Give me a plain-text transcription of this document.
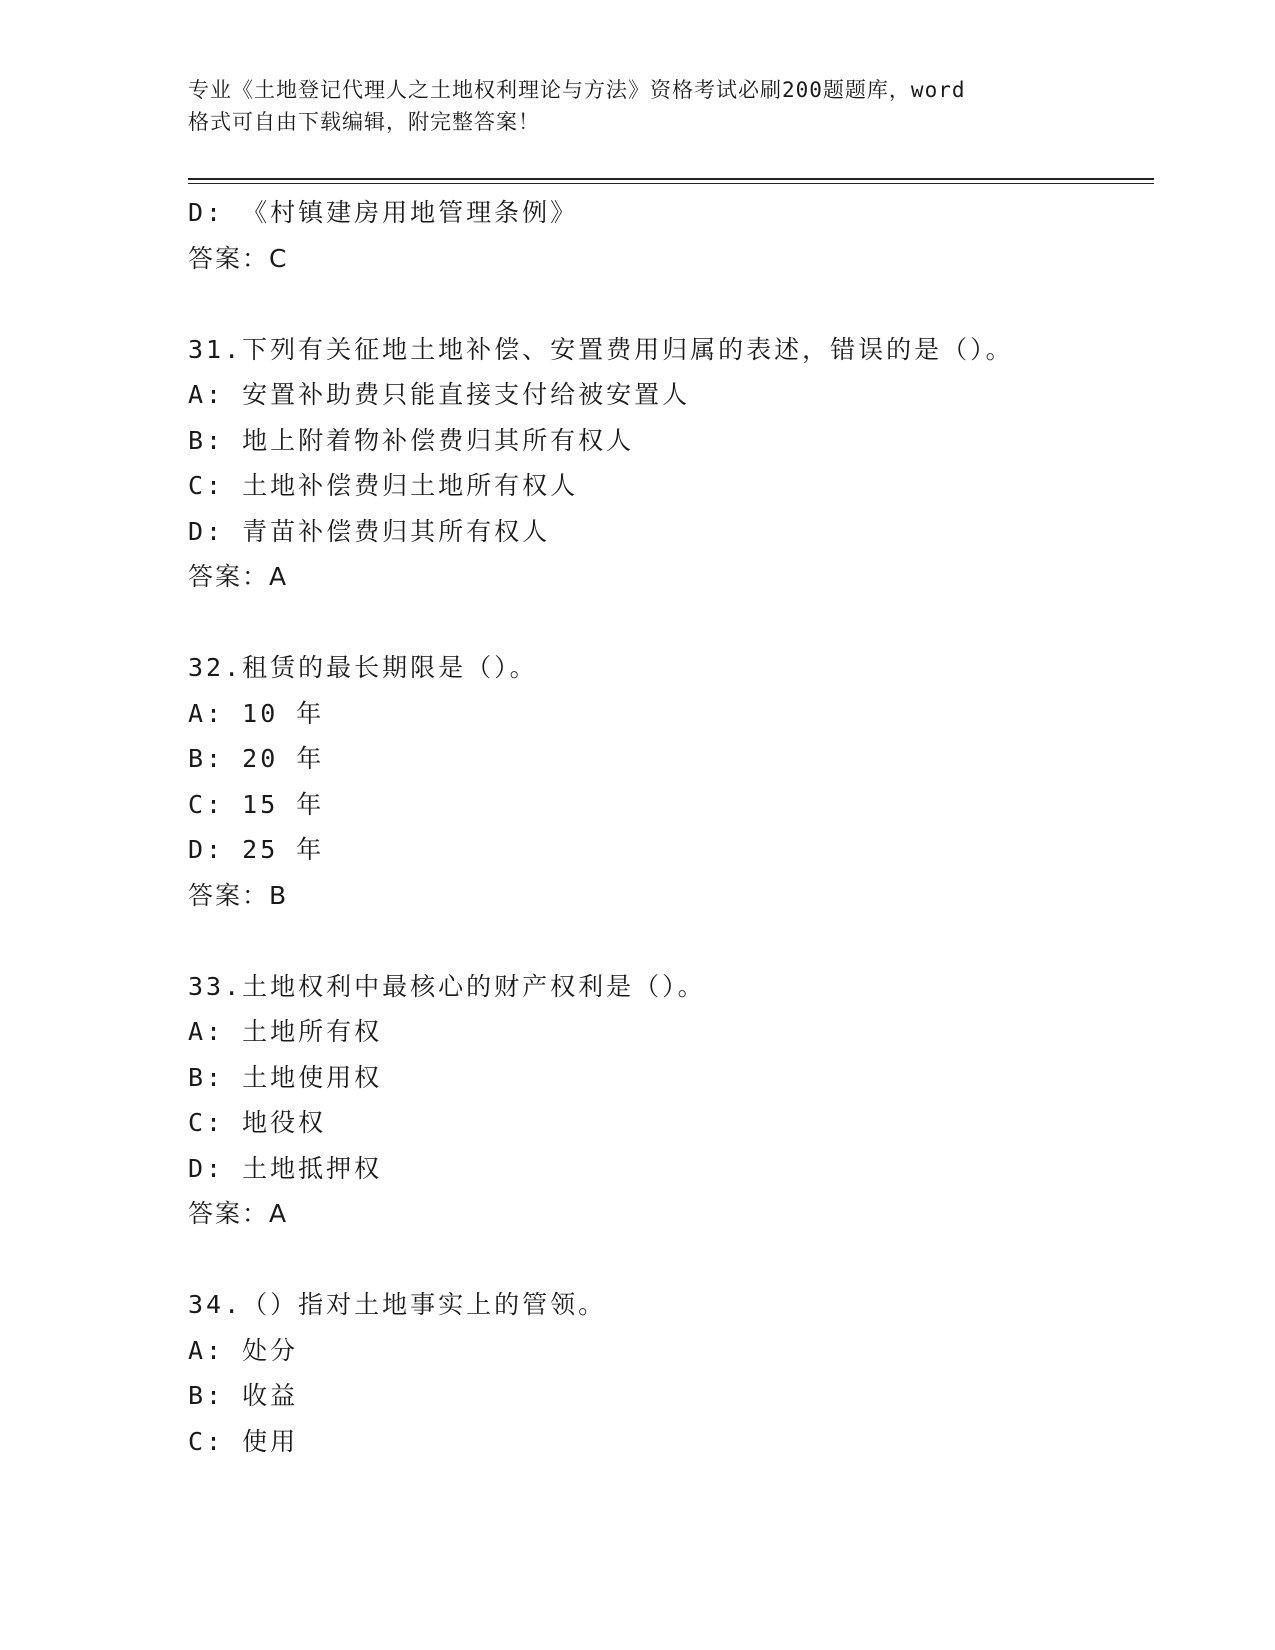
专业《土地登记代理人之土地权利理论与方法》资格考试必刷200题题库，word
格式可自由下载编辑，附完整答案！
D: 《村镇建房用地管理条例》
答案：C
31.下列有关征地土地补偿、安置费用归属的表述，错误的是（）。
A: 安置补助费只能直接支付给被安置人
B: 地上附着物补偿费归其所有权人
C: 土地补偿费归土地所有权人
D: 青苗补偿费归其所有权人
答案：A
32.租赁的最长期限是（）。
A: 10 年
B: 20 年
C: 15 年
D: 25 年
答案：B
33.土地权利中最核心的财产权利是（）。
A: 土地所有权
B: 土地使用权
C: 地役权
D: 土地抵押权
答案：A
34.（）指对土地事实上的管领。
A: 处分
B: 收益
C: 使用
